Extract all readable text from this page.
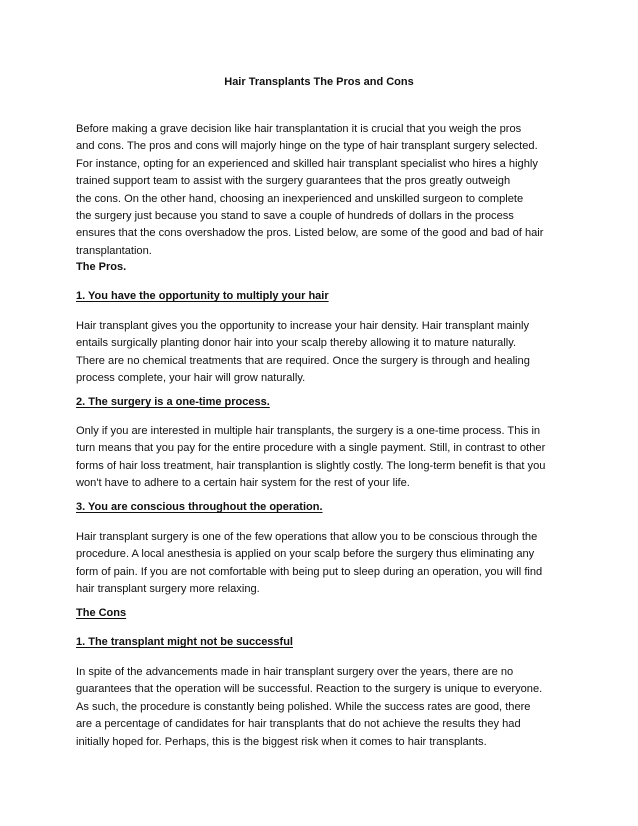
Hair Transplants The Pros and Cons

Before making a grave decision like hair transplantation it is crucial that you weigh the pros
and cons. The pros and cons will majorly hinge on the type of hair transplant surgery selected.
For instance, opting for an experienced and skilled hair transplant specialist who hires a highly
trained support team to assist with the surgery guarantees that the pros greatly outweigh
the cons. On the other hand, choosing an inexperienced and unskilled surgeon to complete
the surgery just because you stand to save a couple of hundreds of dollars in the process
ensures that the cons overshadow the pros. Listed below, are some of the good and bad of hair
transplantation.

The Pros.
1. You have the opportunity to multiply your hair

Hair transplant gives you the opportunity to increase your hair density. Hair transplant mainly
entails surgically planting donor hair into your scalp thereby allowing it to mature naturally.
There are no chemical treatments that are required. Once the surgery is through and healing
process complete, your hair will grow naturally.

2. The surgery is a one-time process.

Only if you are interested in multiple hair transplants, the surgery is a one-time process. This in
turn means that you pay for the entire procedure with a single payment. Still, in contrast to other
forms of hair loss treatment, hair transplantion is slightly costly. The long-term benefit is that you
won't have to adhere to a certain hair system for the rest of your life.

3. You are conscious throughout the operation.

Hair transplant surgery is one of the few operations that allow you to be conscious through the
procedure. A local anesthesia is applied on your scalp before the surgery thus eliminating any
form of pain. If you are not comfortable with being put to sleep during an operation, you will find
hair transplant surgery more relaxing.

The Cons
1. The transplant might not be successful

In spite of the advancements made in hair transplant surgery over the years, there are no
guarantees that the operation will be successful. Reaction to the surgery is unique to everyone.
As such, the procedure is constantly being polished. While the success rates are good, there
are a percentage of candidates for hair transplants that do not achieve the results they had
initially hoped for. Perhaps, this is the biggest risk when it comes to hair transplants.
